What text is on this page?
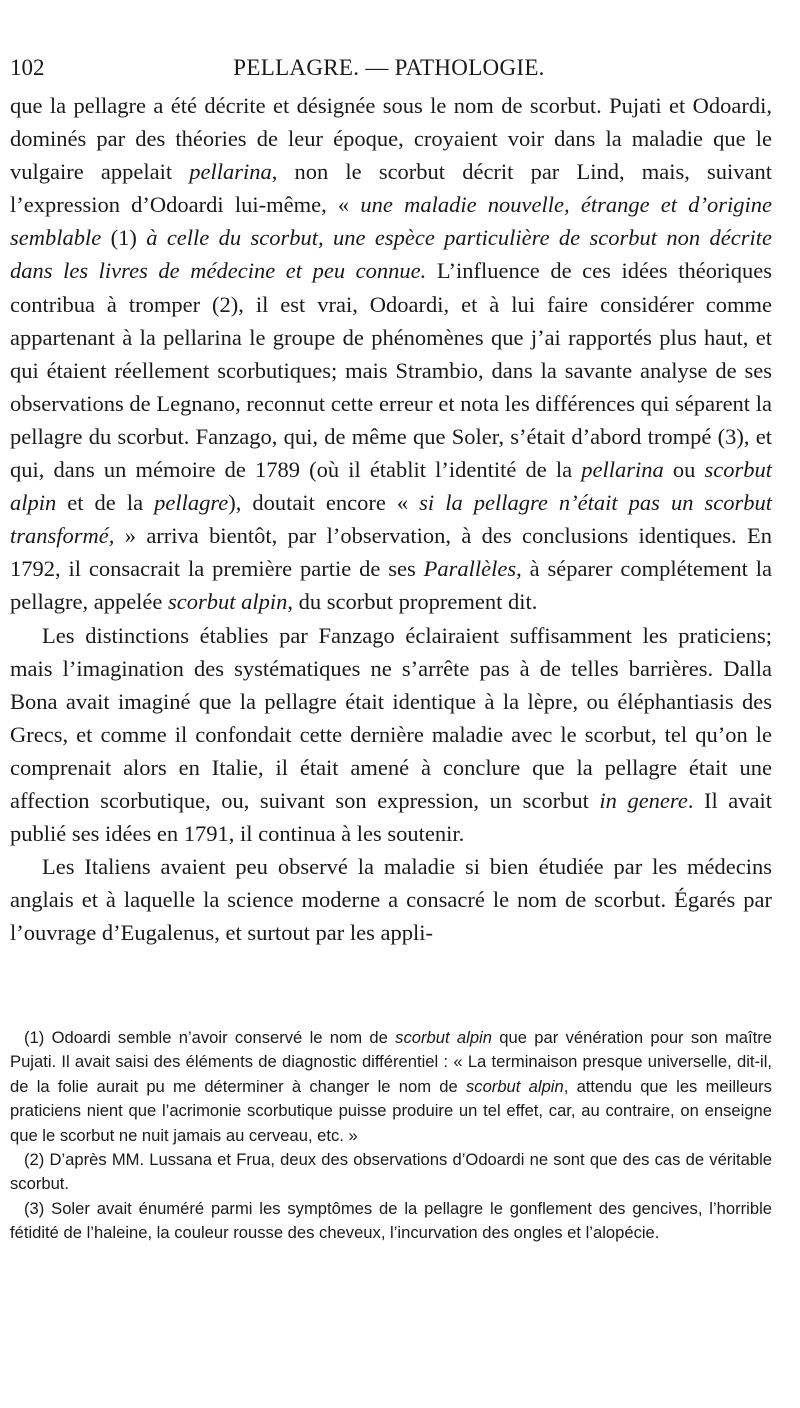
102	PELLAGRE. — PATHOLOGIE.

que la pellagre a été décrite et désignée sous le nom de scorbut. Pujati et Odoardi, dominés par des théories de leur époque, croyaient voir dans la maladie que le vulgaire appelait pellarina, non le scorbut décrit par Lind, mais, suivant l’expression d’Odoardi lui-même, « une maladie nouvelle, étrange et d’origine semblable (1) à celle du scorbut, une espèce particulière de scorbut non décrite dans les livres de médecine et peu connue. L’influence de ces idées théoriques contribua à tromper (2), il est vrai, Odoardi, et à lui faire considérer comme appartenant à la pellarina le groupe de phénomènes que j’ai rapportés plus haut, et qui étaient réellement scorbutiques; mais Strambio, dans la savante analyse de ses observations de Legnano, reconnut cette erreur et nota les différences qui séparent la pellagre du scorbut. Fanzago, qui, de même que Soler, s’était d’abord trompé (3), et qui, dans un mémoire de 1789 (où il établit l’identité de la pellarina ou scorbut alpin et de la pellagre), doutait encore « si la pellagre n’était pas un scorbut transformé, » arriva bientôt, par l’observation, à des conclusions identiques. En 1792, il consacrait la première partie de ses Parallèles, à séparer complétement la pellagre, appelée scorbut alpin, du scorbut proprement dit.

Les distinctions établies par Fanzago éclairaient suffisamment les praticiens; mais l’imagination des systématiques ne s’arrête pas à de telles barrières. Dalla Bona avait imaginé que la pellagre était identique à la lèpre, ou éléphantiasis des Grecs, et comme il confondait cette dernière maladie avec le scorbut, tel qu’on le comprenait alors en Italie, il était amené à conclure que la pellagre était une affection scorbutique, ou, suivant son expression, un scorbut in genere. Il avait publié ses idées en 1791, il continua à les soutenir.

Les Italiens avaient peu observé la maladie si bien étudiée par les médecins anglais et à laquelle la science moderne a consacré le nom de scorbut. Égarés par l’ouvrage d’Eugalenus, et surtout par les appli-

(1) Odoardi semble n’avoir conservé le nom de scorbut alpin que par vénération pour son maître Pujati. Il avait saisi des éléments de diagnostic différentiel : « La terminaison presque universelle, dit-il, de la folie aurait pu me déterminer à changer le nom de scorbut alpin, attendu que les meilleurs praticiens nient que l’acrimonie scorbutique puisse produire un tel effet, car, au contraire, on enseigne que le scorbut ne nuit jamais au cerveau, etc. »

(2) D’après MM. Lussana et Frua, deux des observations d’Odoardi ne sont que des cas de véritable scorbut.

(3) Soler avait énuméré parmi les symptômes de la pellagre le gonflement des gencives, l’horrible fétidité de l’haleine, la couleur rousse des cheveux, l’incurvation des ongles et l’alopécie.
